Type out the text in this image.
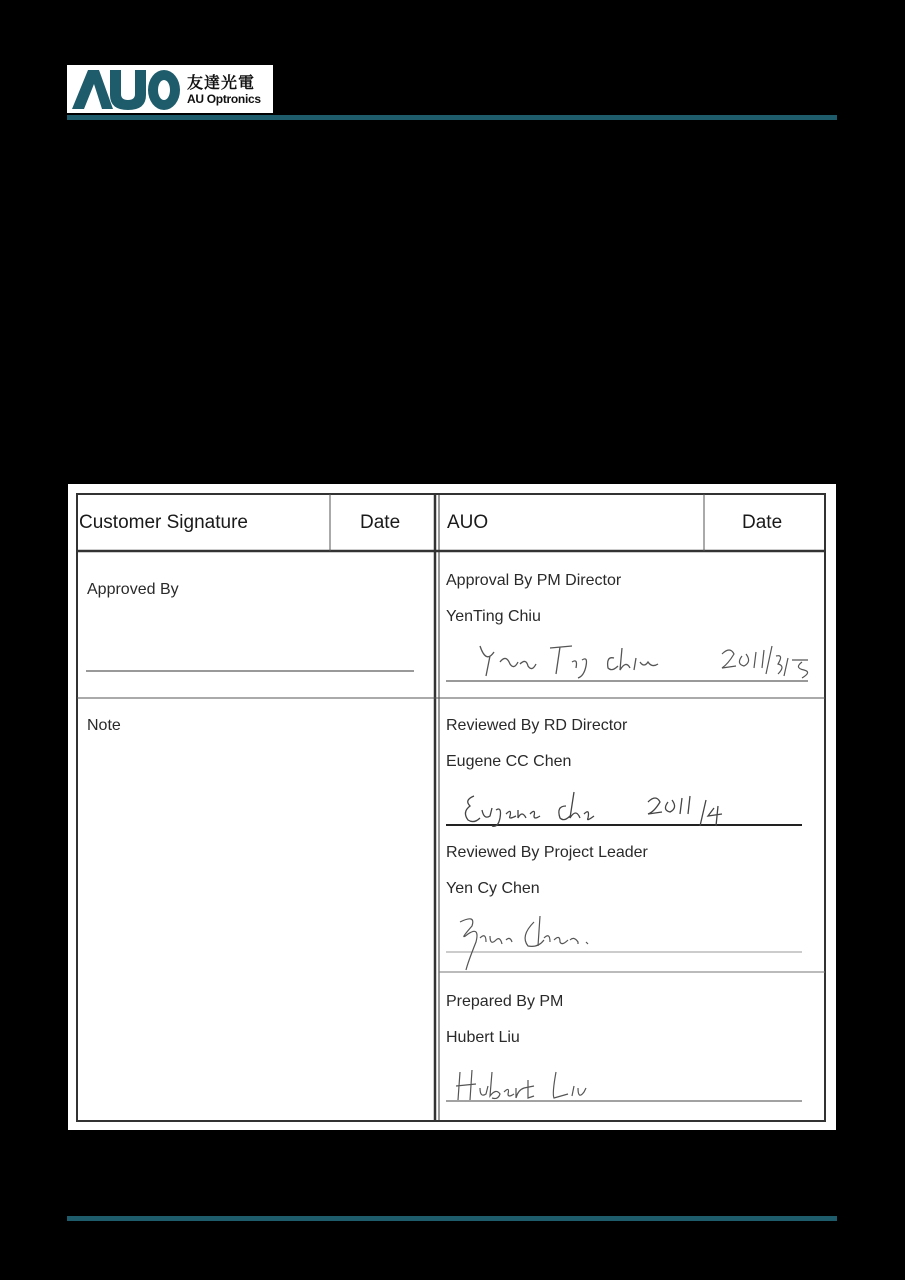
友達光電
AU Optronics
Customer Signature	Date AUO	Date
Approved By
Note
Approval By PM Director
YenTing Chiu
Reviewed By RD Director
Eugene CC Chen
Reviewed By Project Leader
Yen Cy Chen
Prepared By PM
Hubert Liu
